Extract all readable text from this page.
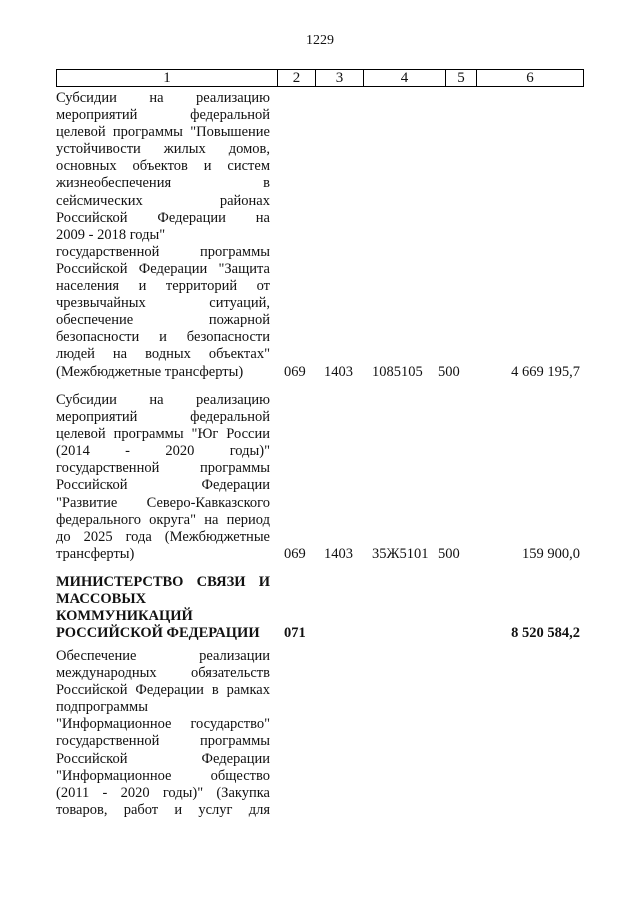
1229
1	2	3	4	5	6
Субсидии на реализацию
мероприятий федеральной
целевой программы "Повышение
устойчивости жилых домов,
основных объектов и систем
жизнеобеспечения в
сейсмических районах
Российской Федерации на
2009 - 2018 годы"
государственной программы
Российской Федерации "Защита
населения и территорий от
чрезвычайных ситуаций,
обеспечение пожарной
безопасности и безопасности
людей на водных объектах"
(Межбюджетные трансферты)	069 1403 1085105 500	4 669 195,7
Субсидии на реализацию
мероприятий федеральной
целевой программы "Юг России
(2014 - 2020 годы)"
государственной программы
Российской Федерации
"Развитие Северо-Кавказского
федерального округа" на период
до 2025 года (Межбюджетные
трансферты)	069 1403 35Ж5101 500	159 900,0
МИНИСТЕРСТВО СВЯЗИ И
МАССОВЫХ
КОММУНИКАЦИЙ
РОССИЙСКОЙ ФЕДЕРАЦИИ	071	8 520 584,2
Обеспечение реализации
международных обязательств
Российской Федерации в рамках
подпрограммы
"Информационное государство"
государственной программы
Российской Федерации
"Информационное общество
(2011 - 2020 годы)" (Закупка
товаров, работ и услуг для
